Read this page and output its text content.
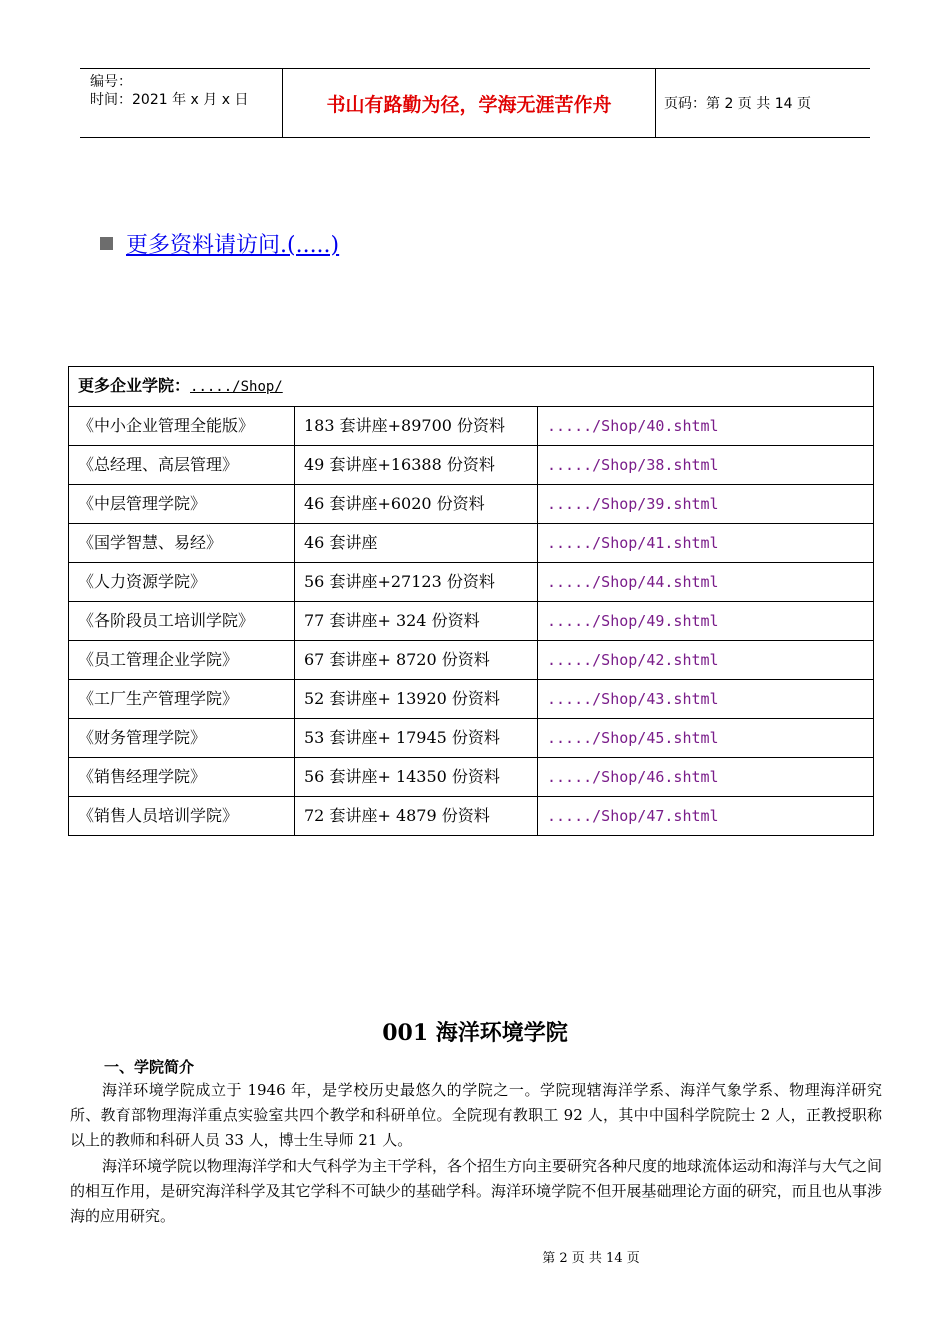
编号：
时间：2021 年 x 月 x 日	书山有路勤为径，学海无涯苦作舟	页码：第 2 页 共 14 页
更多资料请访问.(.....)
更多企业学院：...../Shop/		
《中小企业管理全能版》	183 套讲座+89700 份资料	...../Shop/40.shtml
《总经理、高层管理》	49 套讲座+16388 份资料	...../Shop/38.shtml
《中层管理学院》	46 套讲座+6020 份资料	...../Shop/39.shtml
《国学智慧、易经》	46 套讲座	...../Shop/41.shtml
《人力资源学院》	56 套讲座+27123 份资料	...../Shop/44.shtml
《各阶段员工培训学院》	77 套讲座+ 324 份资料	...../Shop/49.shtml
《员工管理企业学院》	67 套讲座+ 8720 份资料	...../Shop/42.shtml
《工厂生产管理学院》	52 套讲座+ 13920 份资料	...../Shop/43.shtml
《财务管理学院》	53 套讲座+ 17945 份资料	...../Shop/45.shtml
《销售经理学院》	56 套讲座+ 14350 份资料	...../Shop/46.shtml
《销售人员培训学院》	72 套讲座+ 4879 份资料	...../Shop/47.shtml
001 海洋环境学院
一、学院简介
海洋环境学院成立于 1946 年，是学校历史最悠久的学院之一。学院现辖海洋学系、海洋气象学系、物理海洋研究所、教育部物理海洋重点实验室共四个教学和科研单位。全院现有教职工 92 人，其中中国科学院院士 2 人，正教授职称以上的教师和科研人员 33 人，博士生导师 21 人。
海洋环境学院以物理海洋学和大气科学为主干学科，各个招生方向主要研究各种尺度的地球流体运动和海洋与大气之间的相互作用，是研究海洋科学及其它学科不可缺少的基础学科。海洋环境学院不但开展基础理论方面的研究，而且也从事涉海的应用研究。
第 2 页 共 14 页
